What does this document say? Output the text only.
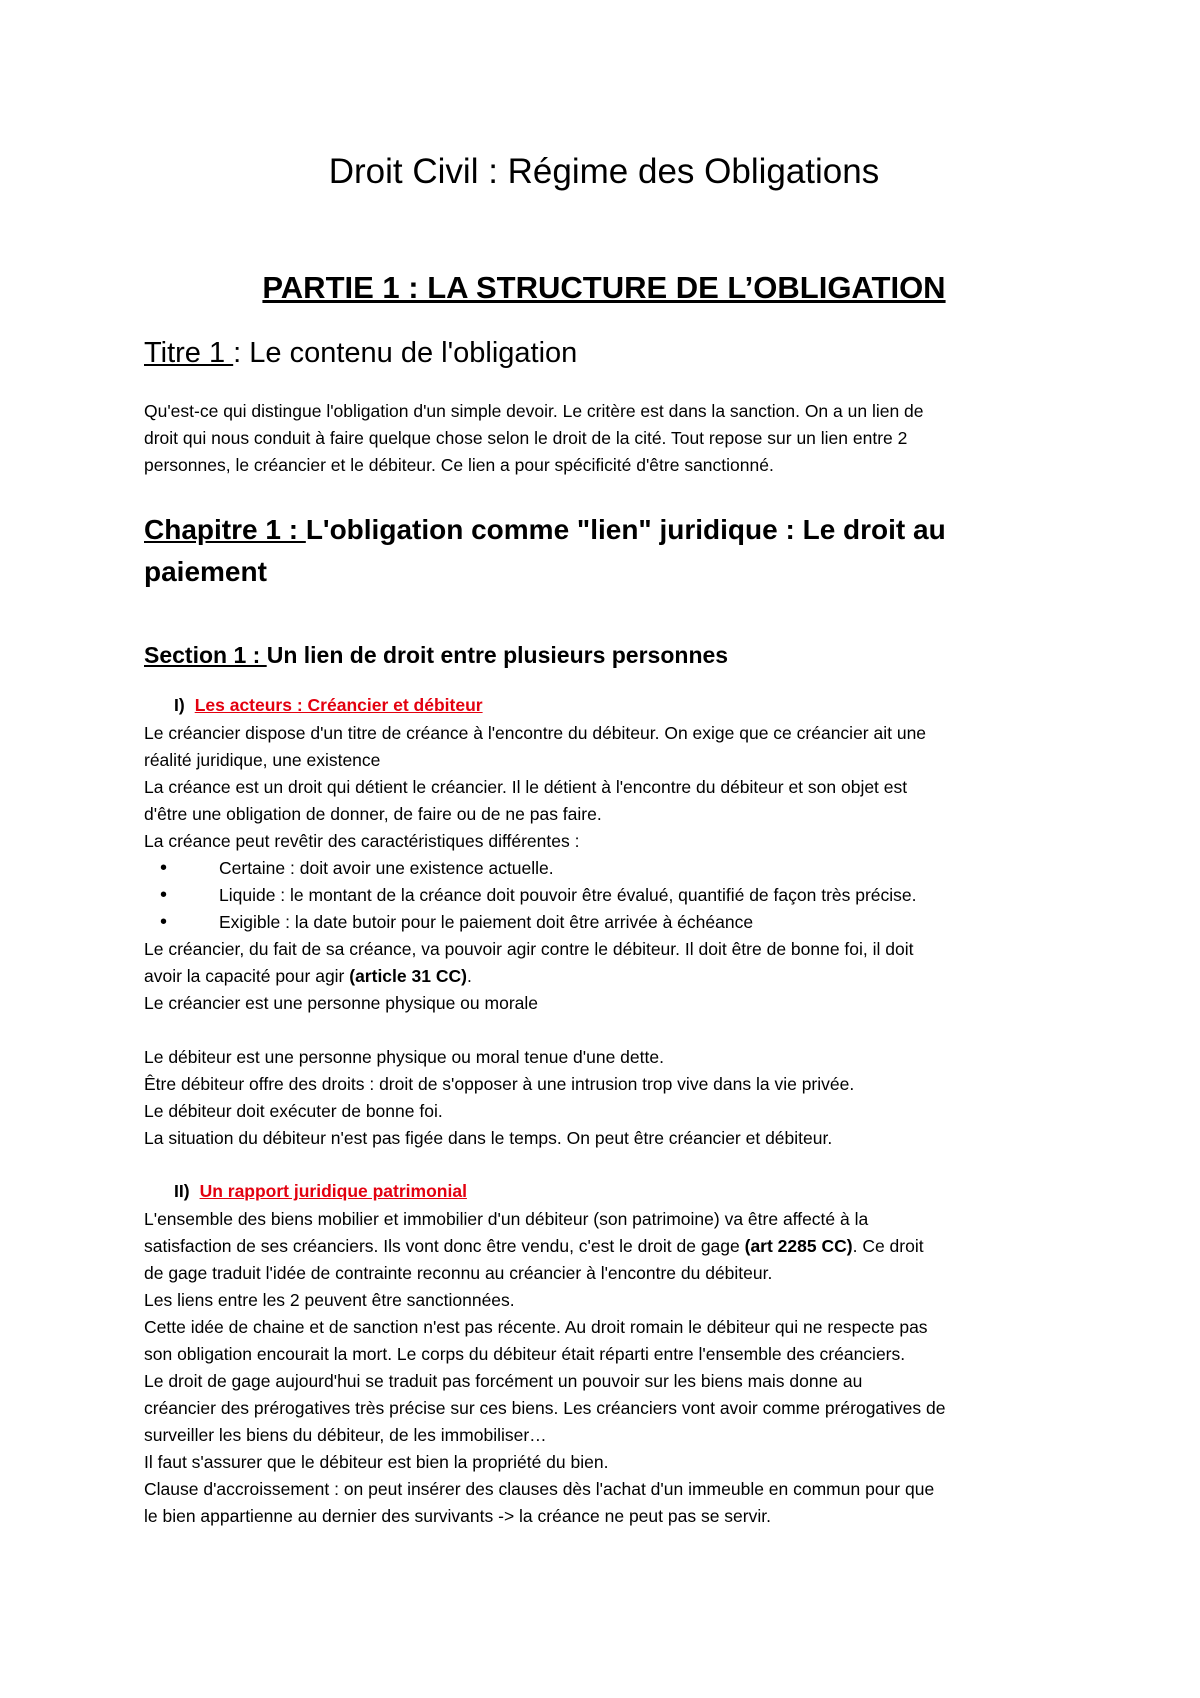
Droit Civil : Régime des Obligations
PARTIE 1 : LA STRUCTURE DE L’OBLIGATION
Titre 1 : Le contenu de l'obligation
Qu'est-ce qui distingue l'obligation d'un simple devoir. Le critère est dans la sanction. On a un lien de
droit qui nous conduit à faire quelque chose selon le droit de la cité. Tout repose sur un lien entre 2
personnes, le créancier et le débiteur. Ce lien a pour spécificité d'être sanctionné.
Chapitre 1 : L'obligation comme "lien" juridique : Le droit au
paiement
Section 1 : Un lien de droit entre plusieurs personnes
I) Les acteurs : Créancier et débiteur
Le créancier dispose d'un titre de créance à l'encontre du débiteur. On exige que ce créancier ait une
réalité juridique, une existence
La créance est un droit qui détient le créancier. Il le détient à l'encontre du débiteur et son objet est
d'être une obligation de donner, de faire ou de ne pas faire.
La créance peut revêtir des caractéristiques différentes :
•	Certaine : doit avoir une existence actuelle.
•	Liquide : le montant de la créance doit pouvoir être évalué, quantifié de façon très précise.
•	Exigible : la date butoir pour le paiement doit être arrivée à échéance
Le créancier, du fait de sa créance, va pouvoir agir contre le débiteur. Il doit être de bonne foi, il doit
avoir la capacité pour agir (article 31 CC).
Le créancier est une personne physique ou morale
Le débiteur est une personne physique ou moral tenue d'une dette.
Être débiteur offre des droits : droit de s'opposer à une intrusion trop vive dans la vie privée.
Le débiteur doit exécuter de bonne foi.
La situation du débiteur n'est pas figée dans le temps. On peut être créancier et débiteur.
II) Un rapport juridique patrimonial
L'ensemble des biens mobilier et immobilier d'un débiteur (son patrimoine) va être affecté à la
satisfaction de ses créanciers. Ils vont donc être vendu, c'est le droit de gage (art 2285 CC). Ce droit
de gage traduit l'idée de contrainte reconnu au créancier à l'encontre du débiteur.
Les liens entre les 2 peuvent être sanctionnées.
Cette idée de chaine et de sanction n'est pas récente. Au droit romain le débiteur qui ne respecte pas
son obligation encourait la mort. Le corps du débiteur était réparti entre l'ensemble des créanciers.
Le droit de gage aujourd'hui se traduit pas forcément un pouvoir sur les biens mais donne au
créancier des prérogatives très précise sur ces biens. Les créanciers vont avoir comme prérogatives de
surveiller les biens du débiteur, de les immobiliser…
Il faut s'assurer que le débiteur est bien la propriété du bien.
Clause d'accroissement : on peut insérer des clauses dès l'achat d'un immeuble en commun pour que
le bien appartienne au dernier des survivants -> la créance ne peut pas se servir.
